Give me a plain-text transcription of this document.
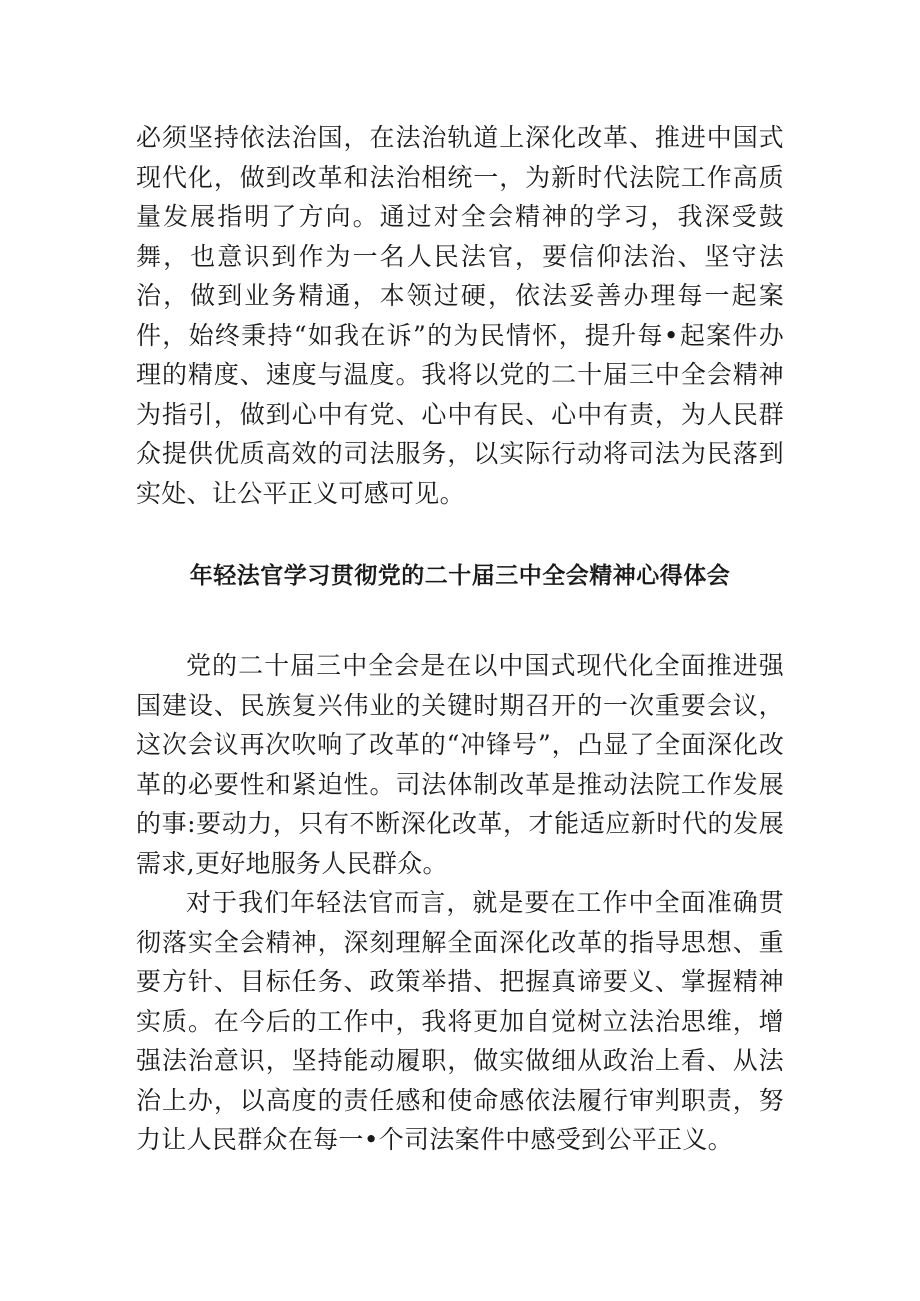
必须坚持依法治国，在法治轨道上深化改革、推进中国式现代化，做到改革和法治相统一，为新时代法院工作高质量发展指明了方向。通过对全会精神的学习，我深受鼓舞，也意识到作为一名人民法官，要信仰法治、坚守法治，做到业务精通，本领过硬，依法妥善办理每一起案件，始终秉持“如我在诉”的为民情怀，提升每•起案件办理的精度、速度与温度。我将以党的二十届三中全会精神为指引，做到心中有党、心中有民、心中有责，为人民群众提供优质高效的司法服务，以实际行动将司法为民落到实处、让公平正义可感可见。
年轻法官学习贯彻党的二十届三中全会精神心得体会

党的二十届三中全会是在以中国式现代化全面推进强国建设、民族复兴伟业的关键时期召开的一次重要会议，这次会议再次吹响了改革的“冲锋号”，凸显了全面深化改革的必要性和紧迫性。司法体制改革是推动法院工作发展的事:要动力，只有不断深化改革，才能适应新时代的发展需求,更好地服务人民群众。

对于我们年轻法官而言，就是要在工作中全面准确贯彻落实全会精神，深刻理解全面深化改革的指导思想、重要方针、目标任务、政策举措、把握真谛要义、掌握精神实质。在今后的工作中，我将更加自觉树立法治思维，增强法治意识，坚持能动履职，做实做细从政治上看、从法治上办，以高度的责任感和使命感依法履行审判职责，努力让人民群众在每一•个司法案件中感受到公平正义。
